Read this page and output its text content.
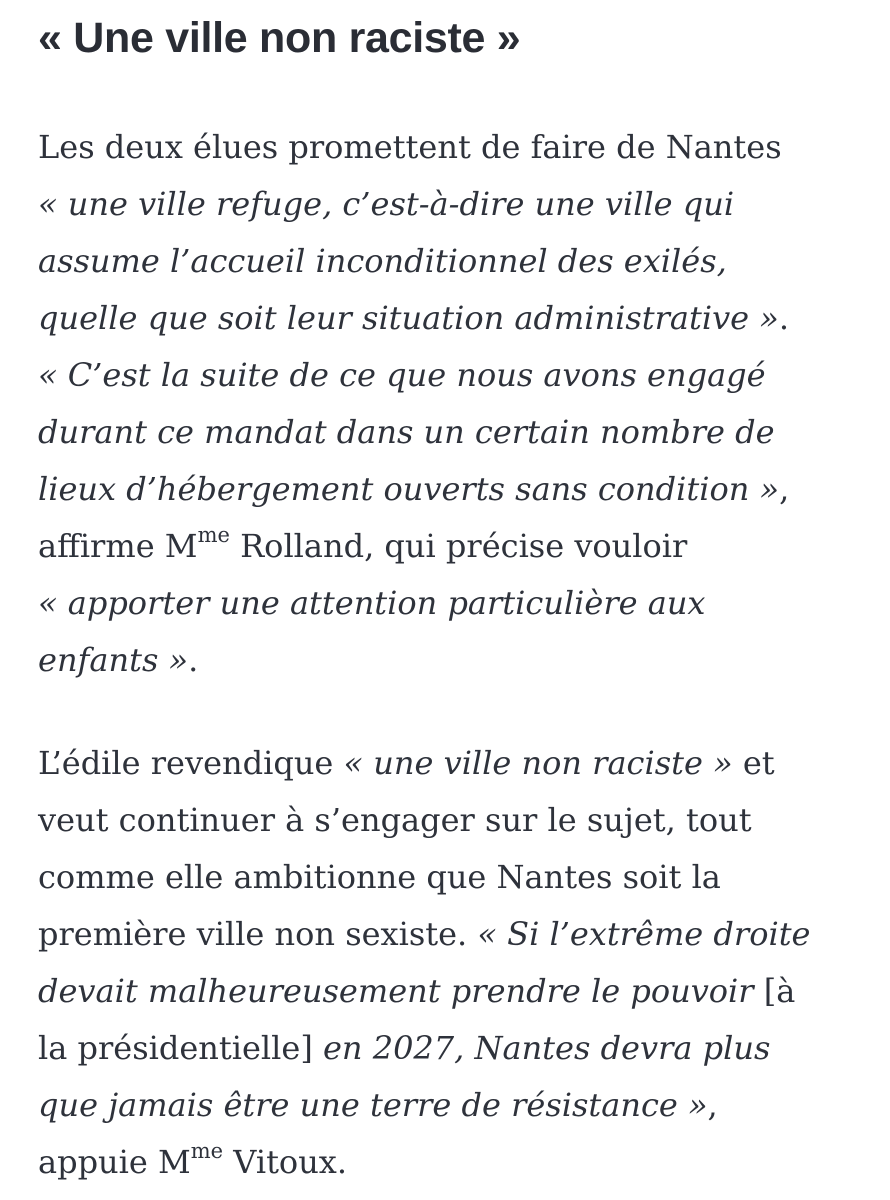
« Une ville non raciste »

Les deux élues promettent de faire de Nantes
« une ville refuge, c’est-à-dire une ville qui
assume l’accueil inconditionnel des exilés,
quelle que soit leur situation administrative ».
« C’est la suite de ce que nous avons engagé
durant ce mandat dans un certain nombre de
lieux d’hébergement ouverts sans condition »,
affirme $M^{me}$ Rolland, qui précise vouloir
« apporter une attention particulière aux
enfants ».

L’édile revendique « une ville non raciste » et
veut continuer à s’engager sur le sujet, tout
comme elle ambitionne que Nantes soit la
première ville non sexiste. « Si l’extrême droite
devait malheureusement prendre le pouvoir [à
la présidentielle] en 2027, Nantes devra plus
que jamais être une terre de résistance »,
appuie $M^{me}$ Vitoux.
